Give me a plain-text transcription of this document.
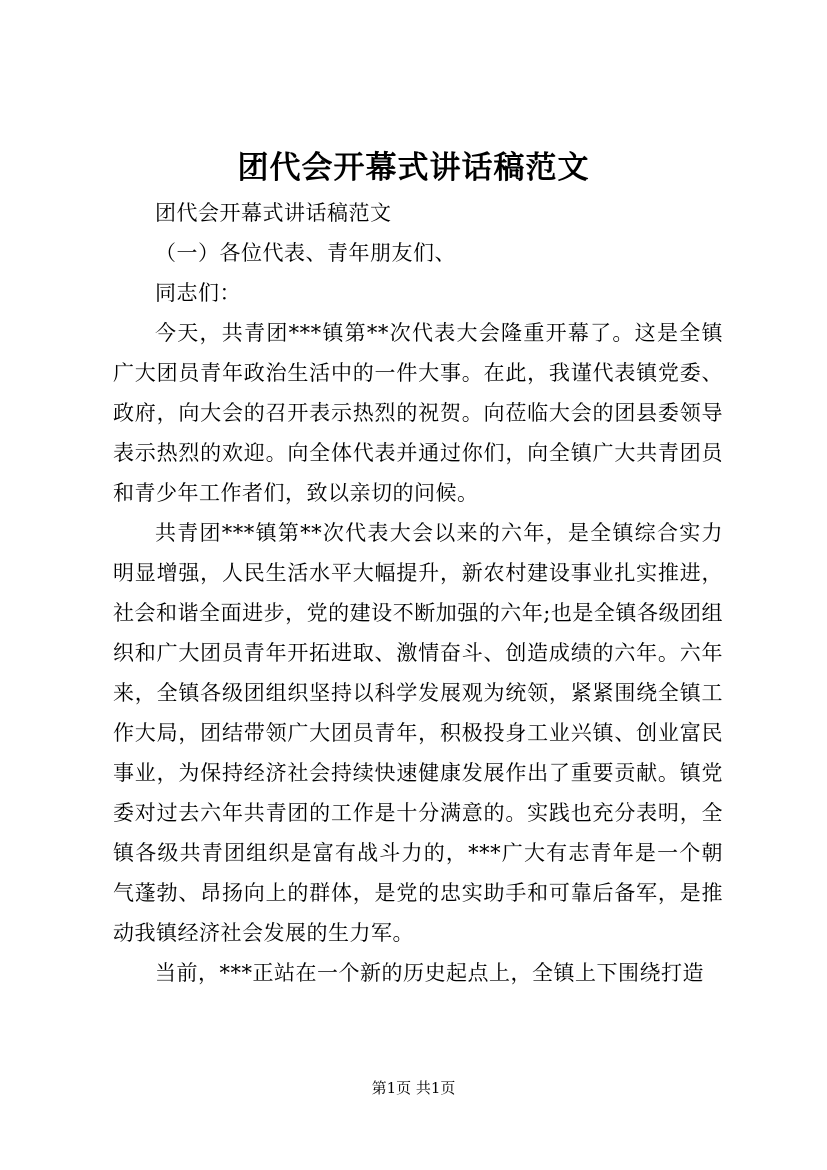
团代会开幕式讲话稿范文

团代会开幕式讲话稿范文

（一）各位代表、青年朋友们、

同志们：

今天，共青团***镇第**次代表大会隆重开幕了。这是全镇广大团员青年政治生活中的一件大事。在此，我谨代表镇党委、政府，向大会的召开表示热烈的祝贺。向莅临大会的团县委领导表示热烈的欢迎。向全体代表并通过你们，向全镇广大共青团员和青少年工作者们，致以亲切的问候。

共青团***镇第**次代表大会以来的六年，是全镇综合实力明显增强，人民生活水平大幅提升，新农村建设事业扎实推进，社会和谐全面进步，党的建设不断加强的六年;也是全镇各级团组织和广大团员青年开拓进取、激情奋斗、创造成绩的六年。六年来，全镇各级团组织坚持以科学发展观为统领，紧紧围绕全镇工作大局，团结带领广大团员青年，积极投身工业兴镇、创业富民事业，为保持经济社会持续快速健康发展作出了重要贡献。镇党委对过去六年共青团的工作是十分满意的。实践也充分表明，全镇各级共青团组织是富有战斗力的，***广大有志青年是一个朝气蓬勃、昂扬向上的群体，是党的忠实助手和可靠后备军，是推动我镇经济社会发展的生力军。

当前，***正站在一个新的历史起点上，全镇上下围绕打造

第1页 共1页
